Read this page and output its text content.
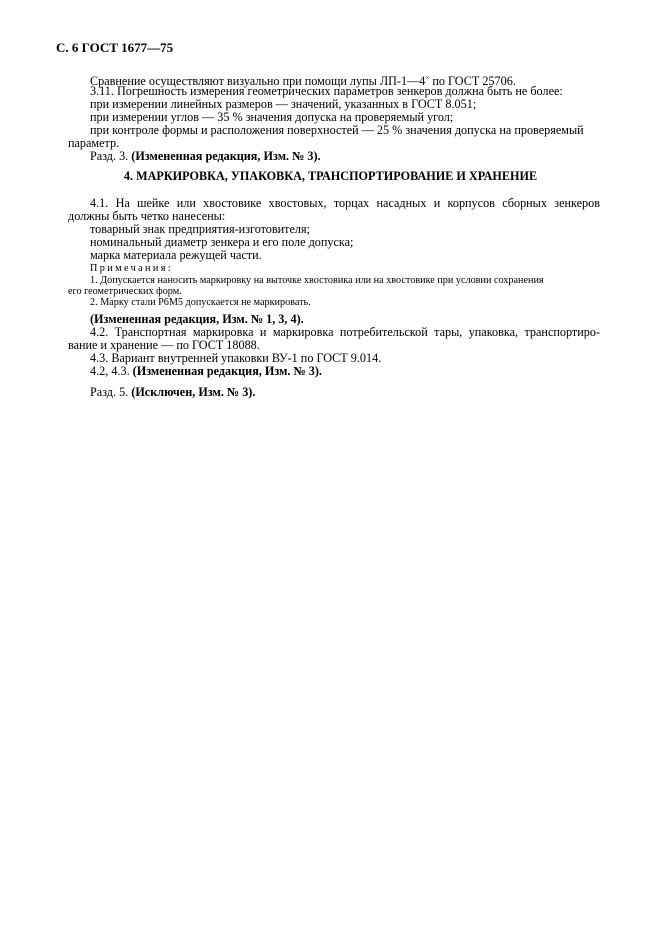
С. 6 ГОСТ 1677—75
Сравнение осуществляют визуально при помощи лупы ЛП-1—4× по ГОСТ 25706.
3.11. Погрешность измерения геометрических параметров зенкеров должна быть не более:
при измерении линейных размеров — значений, указанных в ГОСТ 8.051;
при измерении углов — 35 % значения допуска на проверяемый угол;
при контроле формы и расположения поверхностей — 25 % значения допуска на проверяемый
параметр.
Разд. 3. (Измененная редакция, Изм. № 3).
4. МАРКИРОВКА, УПАКОВКА, ТРАНСПОРТИРОВАНИЕ И ХРАНЕНИЕ
4.1. На шейке или хвостовике хвостовых, торцах насадных и корпусов сборных зенкеров
должны быть четко нанесены:
товарный знак предприятия-изготовителя;
номинальный диаметр зенкера и его поле допуска;
марка материала режущей части.
Примечания:
1. Допускается наносить маркировку на выточке хвостовика или на хвостовике при условии сохранения
его геометрических форм.
2. Марку стали Р6М5 допускается не маркировать.
(Измененная редакция, Изм. № 1, 3, 4).
4.2. Транспортная маркировка и маркировка потребительской тары, упаковка, транспортиро-
вание и хранение — по ГОСТ 18088.
4.3. Вариант внутренней упаковки ВУ-1 по ГОСТ 9.014.
4.2, 4.3. (Измененная редакция, Изм. № 3).
Разд. 5. (Исключен, Изм. № 3).
